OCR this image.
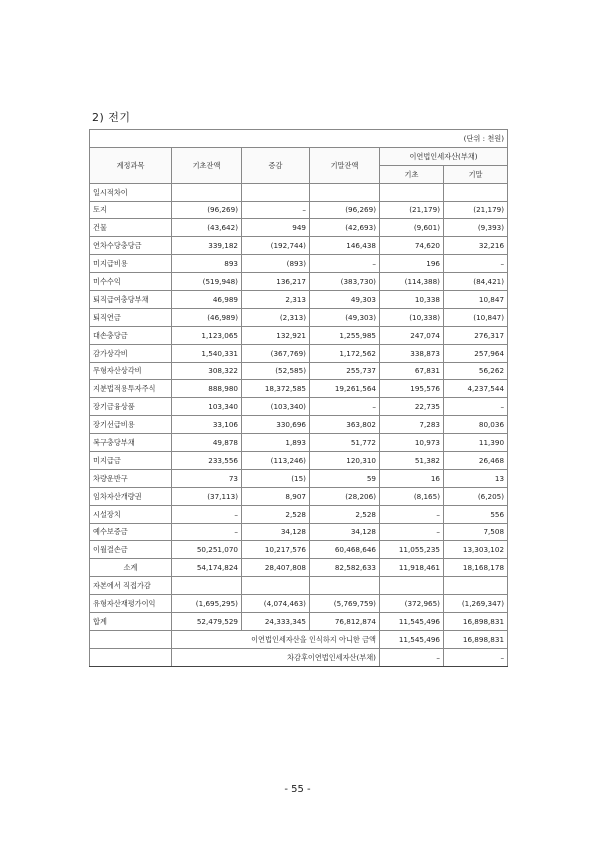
2) 전기
(단위 : 천원)					
계정과목	기초잔액	증감	기말잔액	이연법인세자산(부채)	
				기초	기말
일시적차이					
토지	(96,269)	–	(96,269)	(21,179)	(21,179)
건물	(43,642)	949	(42,693)	(9,601)	(9,393)
연차수당충당금	339,182	(192,744)	146,438	74,620	32,216
미지급비용	893	(893)	–	196	–
미수수익	(519,948)	136,217	(383,730)	(114,388)	(84,421)
퇴직급여충당부채	46,989	2,313	49,303	10,338	10,847
퇴직연금	(46,989)	(2,313)	(49,303)	(10,338)	(10,847)
대손충당금	1,123,065	132,921	1,255,985	247,074	276,317
감가상각비	1,540,331	(367,769)	1,172,562	338,873	257,964
무형자산상각비	308,322	(52,585)	255,737	67,831	56,262
지분법적용투자주식	888,980	18,372,585	19,261,564	195,576	4,237,544
장기금융상품	103,340	(103,340)	–	22,735	–
장기선급비용	33,106	330,696	363,802	7,283	80,036
복구충당부채	49,878	1,893	51,772	10,973	11,390
미지급금	233,556	(113,246)	120,310	51,382	26,468
차량운반구	73	(15)	59	16	13
임차자산개량권	(37,113)	8,907	(28,206)	(8,165)	(6,205)
시설장치	–	2,528	2,528	–	556
예수보증금	–	34,128	34,128	–	7,508
이월결손금	50,251,070	10,217,576	60,468,646	11,055,235	13,303,102
소계	54,174,824	28,407,808	82,582,633	11,918,461	18,168,178
자본에서 직접가감					
유형자산재평가이익	(1,695,295)	(4,074,463)	(5,769,759)	(372,965)	(1,269,347)
합계	52,479,529	24,333,345	76,812,874	11,545,496	16,898,831
	이연법인세자산을 인식하지 아니한 금액			11,545,496	16,898,831
	차감후이연법인세자산(부채)			–	–
- 55 -
